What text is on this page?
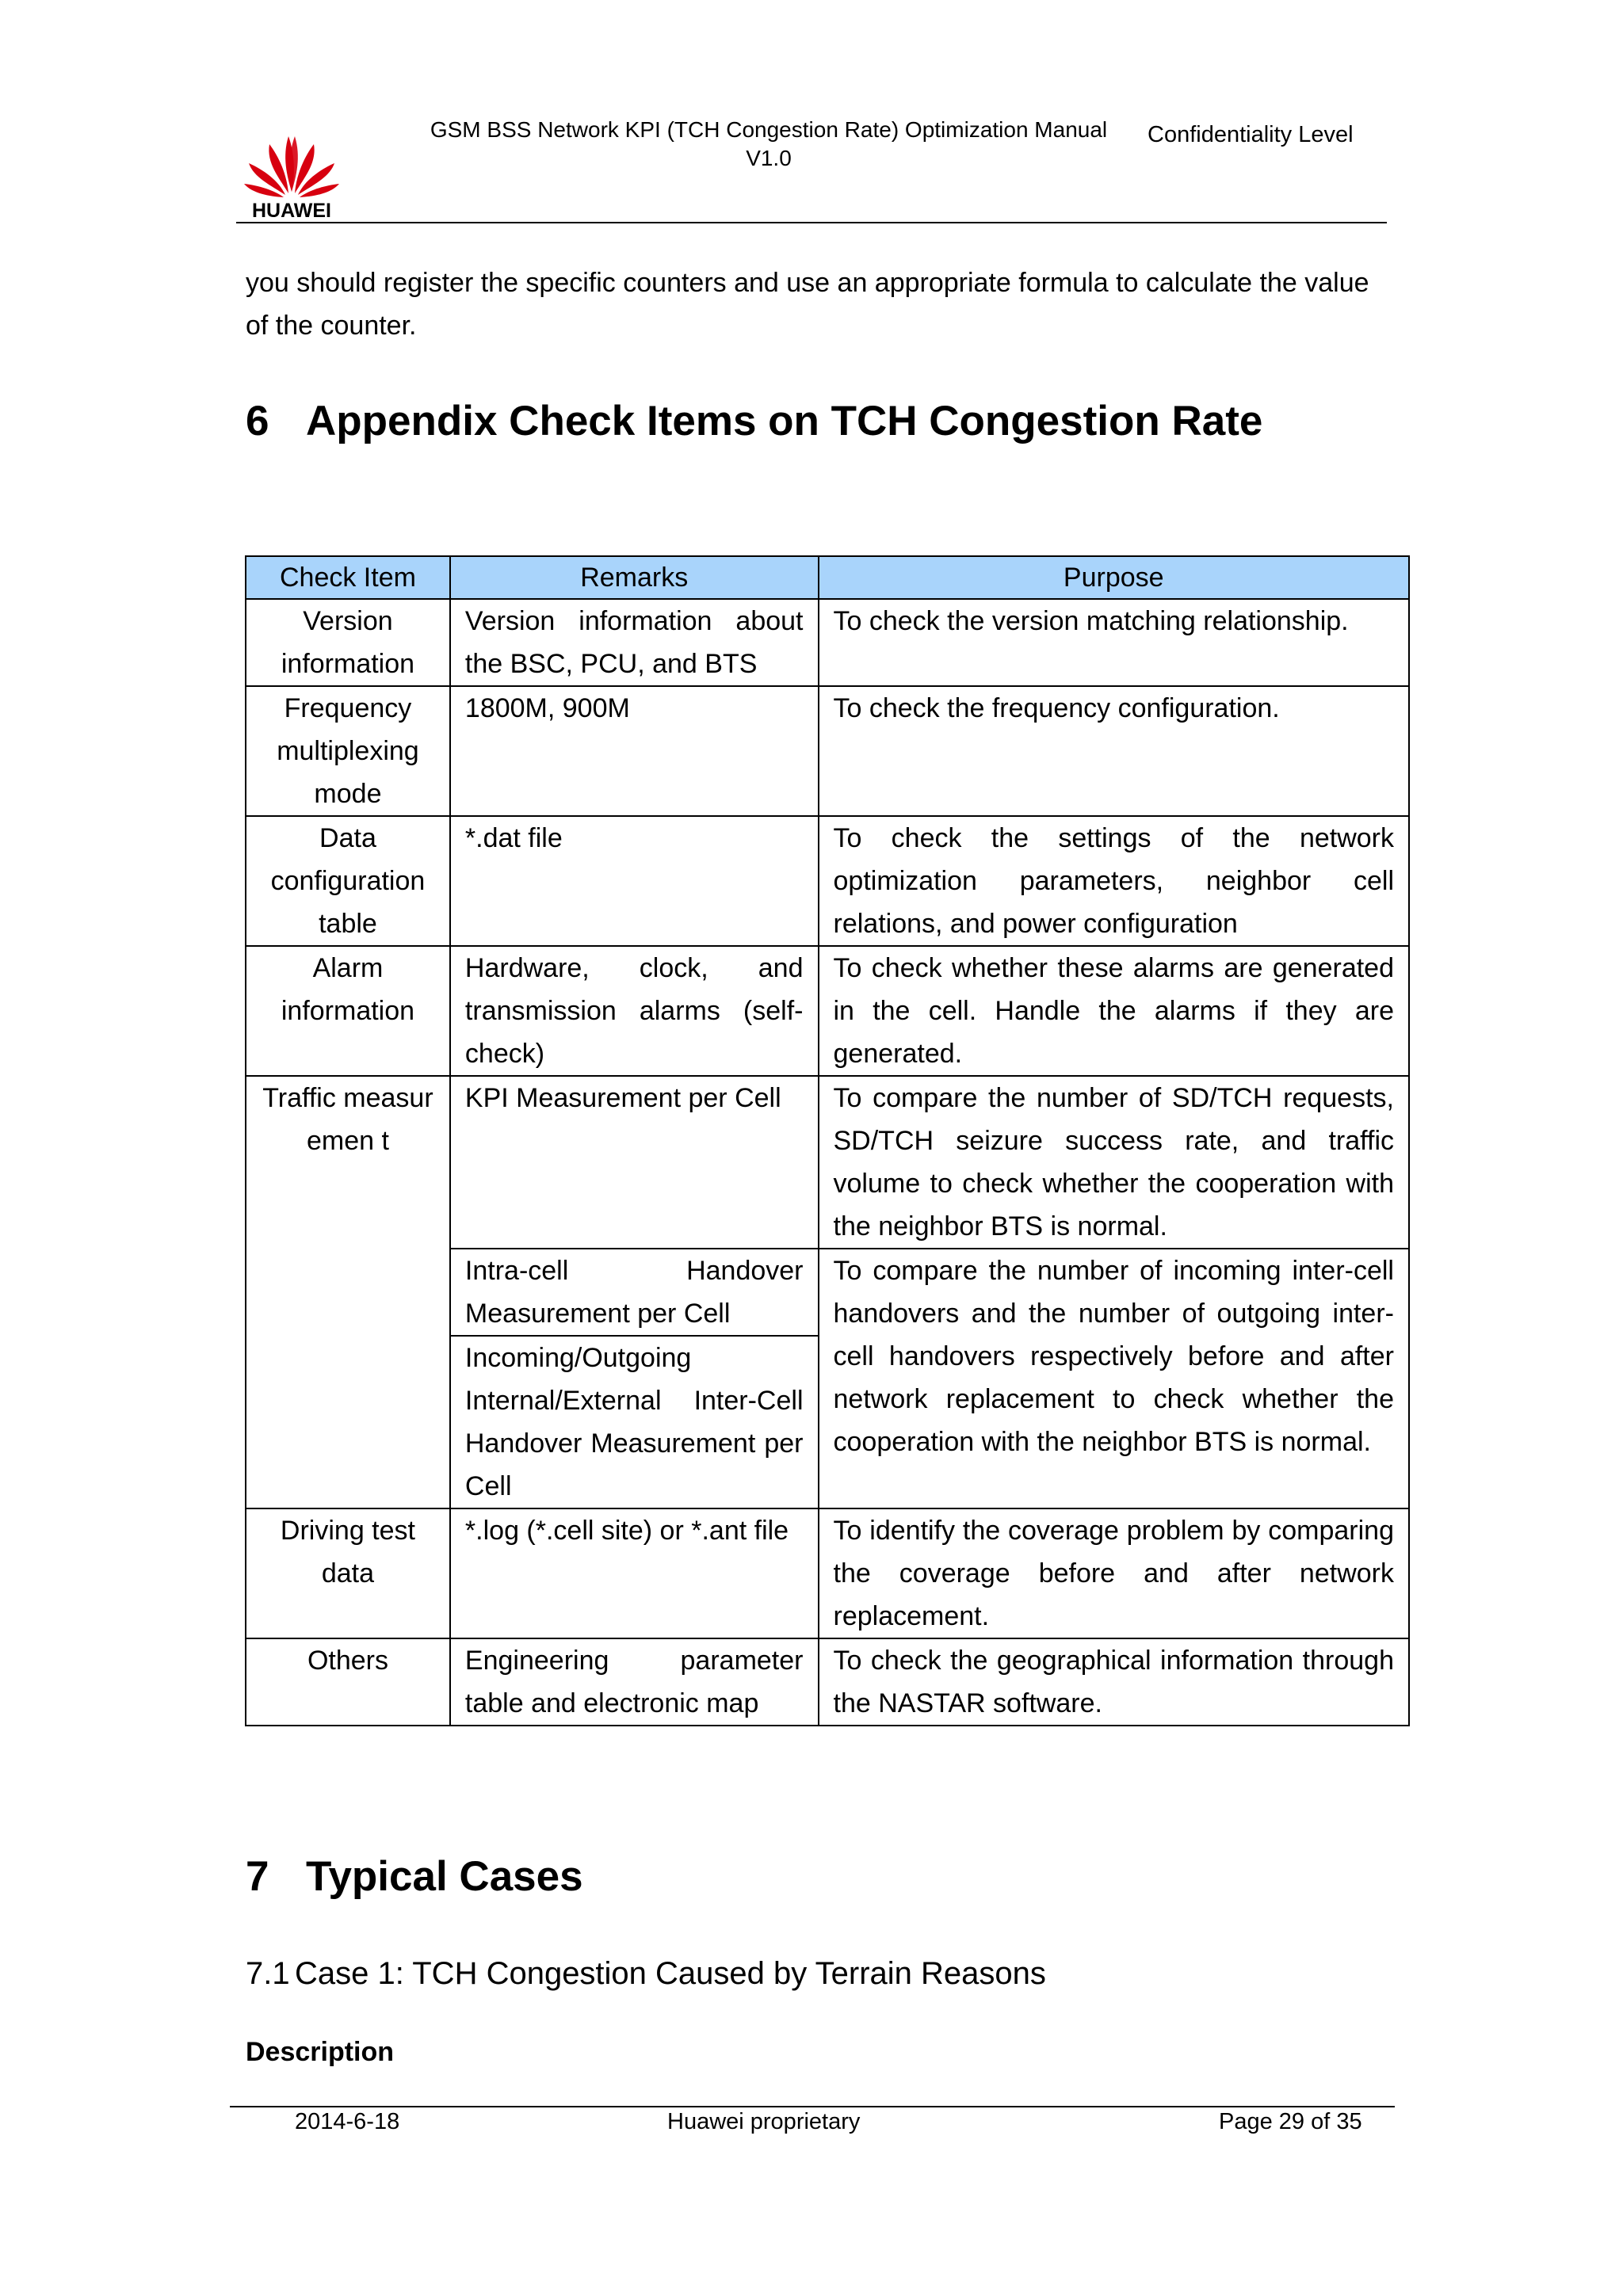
HUAWEI
GSM BSS Network KPI (TCH Congestion Rate) Optimization Manual V1.0
Confidentiality Level
you should register the specific counters and use an appropriate formula to calculate the value of the counter.
6 Appendix Check Items on TCH Congestion Rate
Check Item	Remarks	Purpose
Version information	Version information about the BSC, PCU, and BTS	To check the version matching relationship.
Frequency multiplexing mode	1800M, 900M	To check the frequency configuration.
Data configuration table	*.dat file	To check the settings of the network optimization parameters, neighbor cell relations, and power configuration
Alarm information	Hardware, clock, and transmission alarms (self-check)	To check whether these alarms are generated in the cell. Handle the alarms if they are generated.

Traffic measuremen t	KPI Measurement per Cell	To compare the number of SD/TCH requests, SD/TCH seizure success rate, and traffic volume to check whether the cooperation with the neighbor BTS is normal.
	Intra-cell Handover Measurement per Cell	To compare the number of incoming inter-cell handovers and the number of outgoing inter-cell handovers respectively before and after network replacement to check whether the cooperation with the neighbor BTS is normal.
	Incoming/Outgoing Internal/External Inter-Cell Handover Measurement per Cell	
Driving test data	*.log (*.cell site) or *.ant file	To identify the coverage problem by comparing the coverage before and after network replacement.
Others	Engineering parameter table and electronic map	To check the geographical information through the NASTAR software.
7 Typical Cases
7.1 Case 1: TCH Congestion Caused by Terrain Reasons
Description
2014-6-18	Huawei proprietary	Page 29 of 35
